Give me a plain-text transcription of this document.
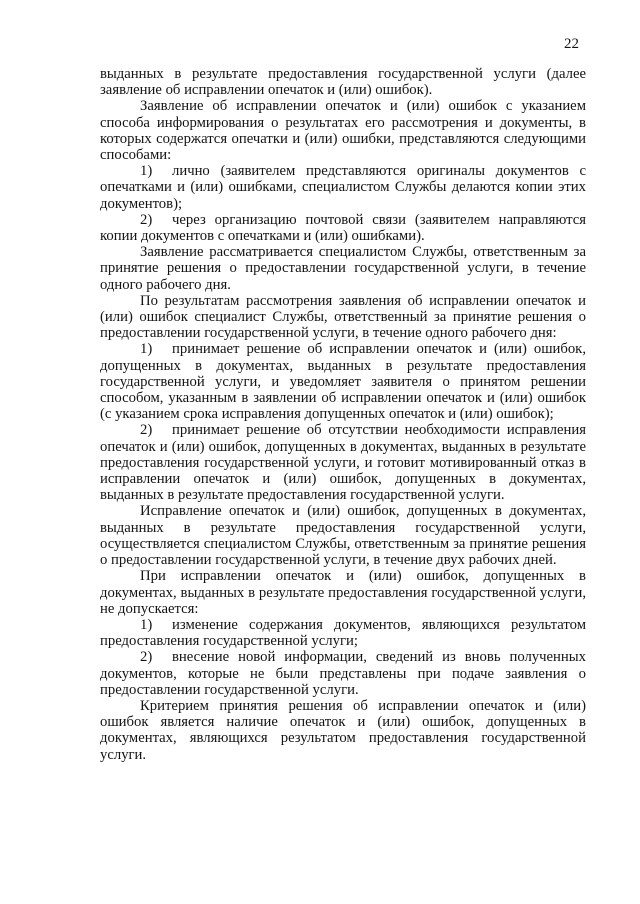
22

выданных в результате предоставления государственной услуги (далее заявление об исправлении опечаток и (или) ошибок).

Заявление об исправлении опечаток и (или) ошибок с указанием способа информирования о результатах его рассмотрения и документы, в которых содержатся опечатки и (или) ошибки, представляются следующими способами:

1) лично (заявителем представляются оригиналы документов с опечатками и (или) ошибками, специалистом Службы делаются копии этих документов);

2) через организацию почтовой связи (заявителем направляются копии документов с опечатками и (или) ошибками).

Заявление рассматривается специалистом Службы, ответственным за принятие решения о предоставлении государственной услуги, в течение одного рабочего дня.

По результатам рассмотрения заявления об исправлении опечаток и (или) ошибок специалист Службы, ответственный за принятие решения о предоставлении государственной услуги, в течение одного рабочего дня:

1) принимает решение об исправлении опечаток и (или) ошибок, допущенных в документах, выданных в результате предоставления государственной услуги, и уведомляет заявителя о принятом решении способом, указанным в заявлении об исправлении опечаток и (или) ошибок (с указанием срока исправления допущенных опечаток и (или) ошибок);

2) принимает решение об отсутствии необходимости исправления опечаток и (или) ошибок, допущенных в документах, выданных в результате предоставления государственной услуги, и готовит мотивированный отказ в исправлении опечаток и (или) ошибок, допущенных в документах, выданных в результате предоставления государственной услуги.

Исправление опечаток и (или) ошибок, допущенных в документах, выданных в результате предоставления государственной услуги, осуществляется специалистом Службы, ответственным за принятие решения о предоставлении государственной услуги, в течение двух рабочих дней.

При исправлении опечаток и (или) ошибок, допущенных в документах, выданных в результате предоставления государственной услуги, не допускается:

1) изменение содержания документов, являющихся результатом предоставления государственной услуги;

2) внесение новой информации, сведений из вновь полученных документов, которые не были представлены при подаче заявления о предоставлении государственной услуги.

Критерием принятия решения об исправлении опечаток и (или) ошибок является наличие опечаток и (или) ошибок, допущенных в документах, являющихся результатом предоставления государственной услуги.
